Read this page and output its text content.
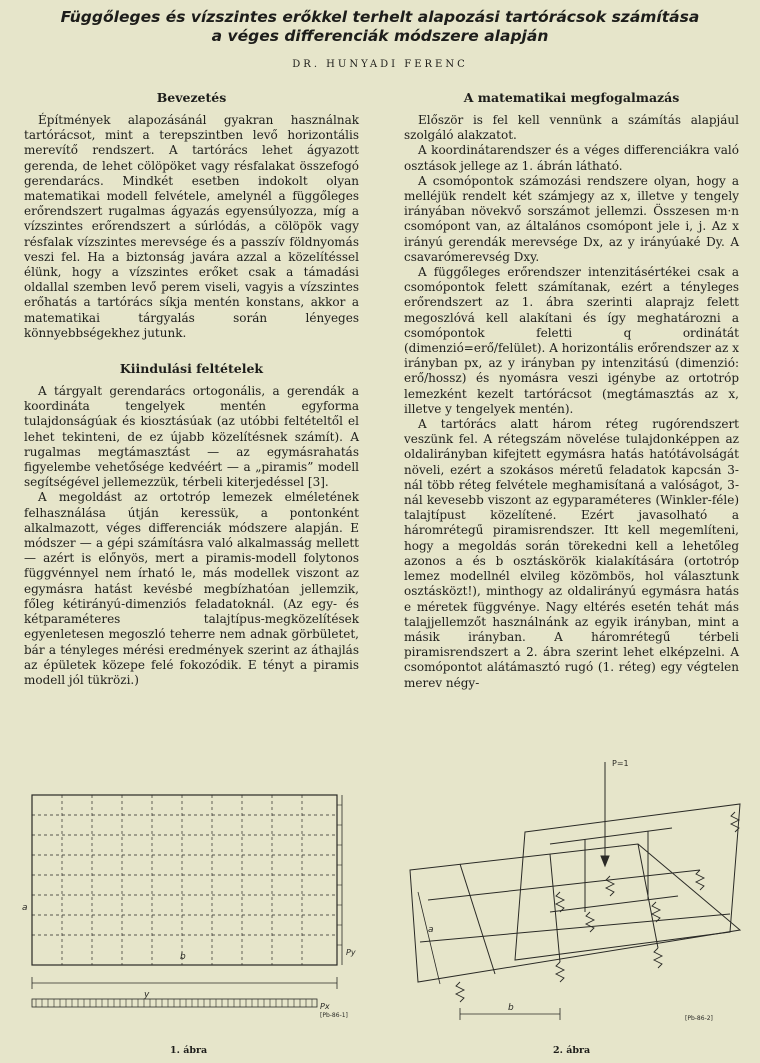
Függőleges és vízszintes erőkkel terhelt alapozási tartórácsok számítása
a véges differenciák módszere alapján
DR. HUNYADI FERENC
Bevezetés

Építmények alapozásánál gyakran használnak tartórácsot, mint a terepszintben levő horizontális merevítő rendszert. A tartórács lehet ágyazott gerenda, de lehet cölöpöket vagy résfalakat összefogó gerendarács. Mindkét esetben indokolt olyan matematikai modell felvétele, amelynél a függőleges erőrendszert rugalmas ágyazás egyensúlyozza, míg a vízszintes erőrendszert a súrlódás, a cölöpök vagy résfalak vízszintes merevsége és a passzív földnyomás veszi fel. Ha a biztonság javára azzal a közelítéssel élünk, hogy a vízszintes erőket csak a támadási oldallal szemben levő perem viseli, vagyis a vízszintes erőhatás a tartórács síkja mentén konstans, akkor a matematikai tárgyalás során lényeges könnyebbségekhez jutunk.

Kiindulási feltételek

A tárgyalt gerendarács ortogonális, a gerendák a koordináta tengelyek mentén egyforma tulajdonságúak és kiosztásúak (az utóbbi feltételtől el lehet tekinteni, de ez újabb közelítésnek számít). A rugalmas megtámasztást — az egymásrahatás figyelembe vehetősége kedvéért — a „piramis” modell segítségével jellemezzük, térbeli kiterjedéssel [3].

A megoldást az ortotróp lemezek elméletének felhasználása útján keressük, a pontonként alkalmazott, véges differenciák módszere alapján. E módszer — a gépi számításra való alkalmasság mellett — azért is előnyös, mert a piramis-modell folytonos függvénnyel nem írható le, más modellek viszont az egymásra hatást kevésbé megbízhatóan jellemzik, főleg kétirányú-dimenziós feladatoknál. (Az egy- és kétparaméteres talajtípus-megközelítések egyenletesen megoszló teherre nem adnak görbületet, bár a tényleges mérési eredmények szerint az áthajlás az épületek közepe felé fokozódik. E tényt a piramis modell jól tükrözi.)

A matematikai megfogalmazás

Először is fel kell vennünk a számítás alapjául szolgáló alakzatot.

A koordinátarendszer és a véges differenciákra való osztások jellege az 1. ábrán látható.

A csomópontok számozási rendszere olyan, hogy a melléjük rendelt két számjegy az x, illetve y tengely irányában növekvő sorszámot jellemzi. Összesen m·n csomópont van, az általános csomópont jele i, j. Az x irányú gerendák merevsége Dx, az y irányúaké Dy. A csavarómerevség Dxy.

A függőleges erőrendszer intenzitásértékei csak a csomópontok felett számítanak, ezért a tényleges erőrendszert az 1. ábra szerinti alaprajz felett megoszlóvá kell alakítani és így meghatározni a csomópontok feletti q ordinátát (dimenzió=erő/felület). A horizontális erőrendszer az x irányban px, az y irányban py intenzitású (dimenzió: erő/hossz) és nyomásra veszi igénybe az ortotróp lemezként kezelt tartórácsot (megtámasztás az x, illetve y tengelyek mentén).

A tartórács alatt három réteg rugórendszert veszünk fel. A rétegszám növelése tulajdonképpen az oldalirányban kifejtett egymásra hatás hatótávolságát növeli, ezért a szokásos méretű feladatok kapcsán 3-nál több réteg felvétele meghamisítaná a valóságot, 3-nál kevesebb viszont az egyparaméteres (Winkler-féle) talajtípust közelítené. Ezért javasolható a háromrétegű piramisrendszer. Itt kell megemlíteni, hogy a megoldás során törekedni kell a lehetőleg azonos a és b osztáskörök kialakítására (ortotróp lemez modellnél elvileg közömbös, hol választunk osztásközt!), minthogy az oldalirányú egymásra hatás e méretek függvénye. Nagy eltérés esetén tehát más talajjellemzőt használnánk az egyik irányban, mint a másik irányban. A háromrétegű térbeli piramisrendszert a 2. ábra szerint lehet elképzelni. A csomópontot alátámasztó rugó (1. réteg) egy végtelen merev négy-

b
a
y
Py
Px
[Pb-86-1]
1. ábra
P=1
a
b
[Pb-86-2]
2. ábra
